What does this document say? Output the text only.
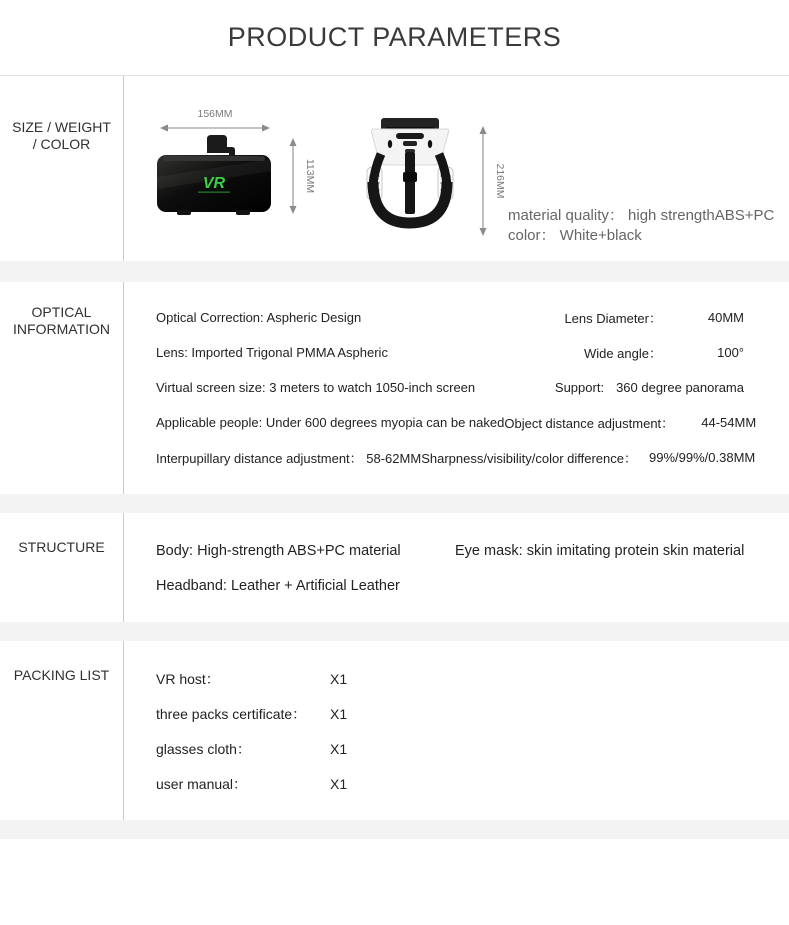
PRODUCT PARAMETERS
SIZE / WEIGHT
/ COLOR
156MM
VR	113MM	216MM
material quality： high strengthABS+PC
color： White+black
OPTICAL
INFORMATION
Optical Correction: Aspheric Design	Lens Diameter：	40MM
Lens: Imported Trigonal PMMA Aspheric	Wide angle：	100°
Virtual screen size: 3 meters to watch 1050-inch screen	Support: 360 degree panorama
Applicable people: Under 600 degrees myopia can be naked Object distance adjustment：	44-54MM
Interpupillary distance adjustment： 58-62MM Sharpness/visibility/color difference： 99%/99%/0.38MM
STRUCTURE	Body: High-strength ABS+PC material	Eye mask: skin imitating protein skin material
Headband: Leather + Artificial Leather
PACKING LIST	VR host：	X1
three packs certificate：	X1
glasses cloth：	X1
user manual：	X1
